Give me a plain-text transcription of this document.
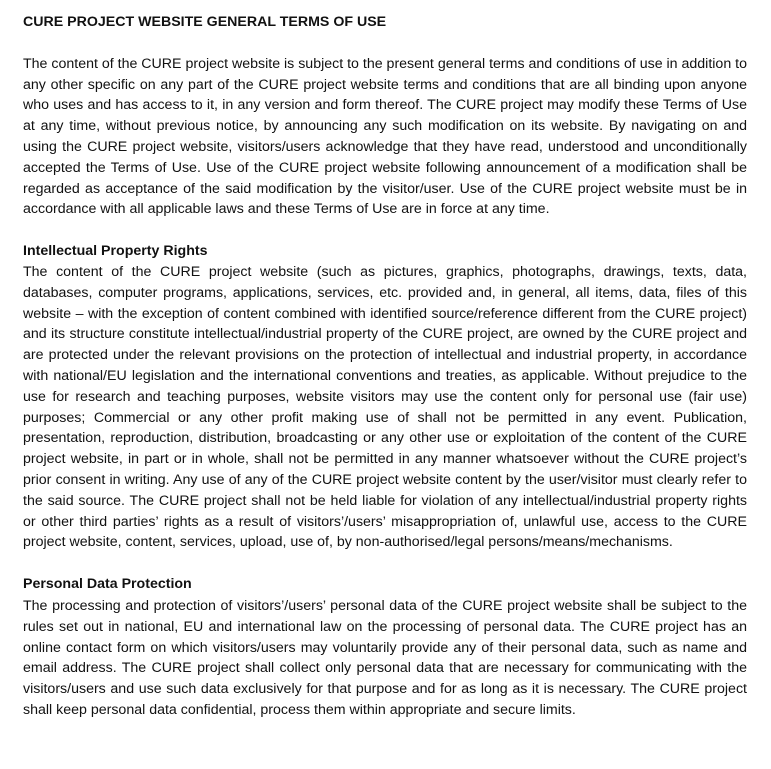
CURE PROJECT WEBSITE GENERAL TERMS OF USE

The content of the CURE project website is subject to the present general terms and conditions of use in addition to any other specific on any part of the CURE project website terms and conditions that are all binding upon anyone who uses and has access to it, in any version and form thereof. The CURE project may modify these Terms of Use at any time, without previous notice, by announcing any such modification on its website. By navigating on and using the CURE project website, visitors/users acknowledge that they have read, understood and unconditionally accepted the Terms of Use. Use of the CURE project website following announcement of a modification shall be regarded as acceptance of the said modification by the visitor/user. Use of the CURE project website must be in accordance with all applicable laws and these Terms of Use are in force at any time.

Intellectual Property Rights

The content of the CURE project website (such as pictures, graphics, photographs, drawings, texts, data, databases, computer programs, applications, services, etc. provided and, in general, all items, data, files of this website – with the exception of content combined with identified source/reference different from the CURE project) and its structure constitute intellectual/industrial property of the CURE project, are owned by the CURE project and are protected under the relevant provisions on the protection of intellectual and industrial property, in accordance with national/EU legislation and the international conventions and treaties, as applicable. Without prejudice to the use for research and teaching purposes, website visitors may use the content only for personal use (fair use) purposes; Commercial or any other profit making use of shall not be permitted in any event. Publication, presentation, reproduction, distribution, broadcasting or any other use or exploitation of the content of the CURE project website, in part or in whole, shall not be permitted in any manner whatsoever without the CURE project’s prior consent in writing. Any use of any of the CURE project website content by the user/visitor must clearly refer to the said source. The CURE project shall not be held liable for violation of any intellectual/industrial property rights or other third parties’ rights as a result of visitors’/users’ misappropriation of, unlawful use, access to the CURE project website, content, services, upload, use of, by non-authorised/legal persons/means/mechanisms.

Personal Data Protection

The processing and protection of visitors’/users’ personal data of the CURE project website shall be subject to the rules set out in national, EU and international law on the processing of personal data. The CURE project has an online contact form on which visitors/users may voluntarily provide any of their personal data, such as name and email address. The CURE project shall collect only personal data that are necessary for communicating with the visitors/users and use such data exclusively for that purpose and for as long as it is necessary. The CURE project shall keep personal data confidential, process them within appropriate and secure limits.
